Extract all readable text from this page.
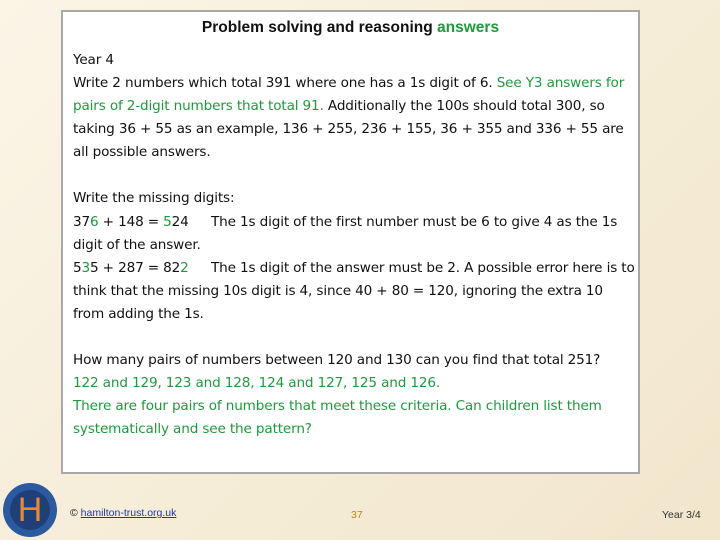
Problem solving and reasoning answers

Year 4

Write 2 numbers which total 391 where one has a 1s digit of 6. See Y3 answers for pairs of 2-digit numbers that total 91. Additionally the 100s should total 300, so taking 36 + 55 as an example, 136 + 255, 236 + 155, 36 + 355 and 336 + 55 are all possible answers.

Write the missing digits:

376 + 148 = 524 The 1s digit of the first number must be 6 to give 4 as the 1s digit of the answer.

535 + 287 = 822 The 1s digit of the answer must be 2. A possible error here is to think that the missing 10s digit is 4, since 40 + 80 = 120, ignoring the extra 10 from adding the 1s.

How many pairs of numbers between 120 and 130 can you find that total 251?

122 and 129, 123 and 128, 124 and 127, 125 and 126.

There are four pairs of numbers that meet these criteria. Can children list them systematically and see the pattern?

H	© hamilton-trust.org.uk	37	Year 3/4
